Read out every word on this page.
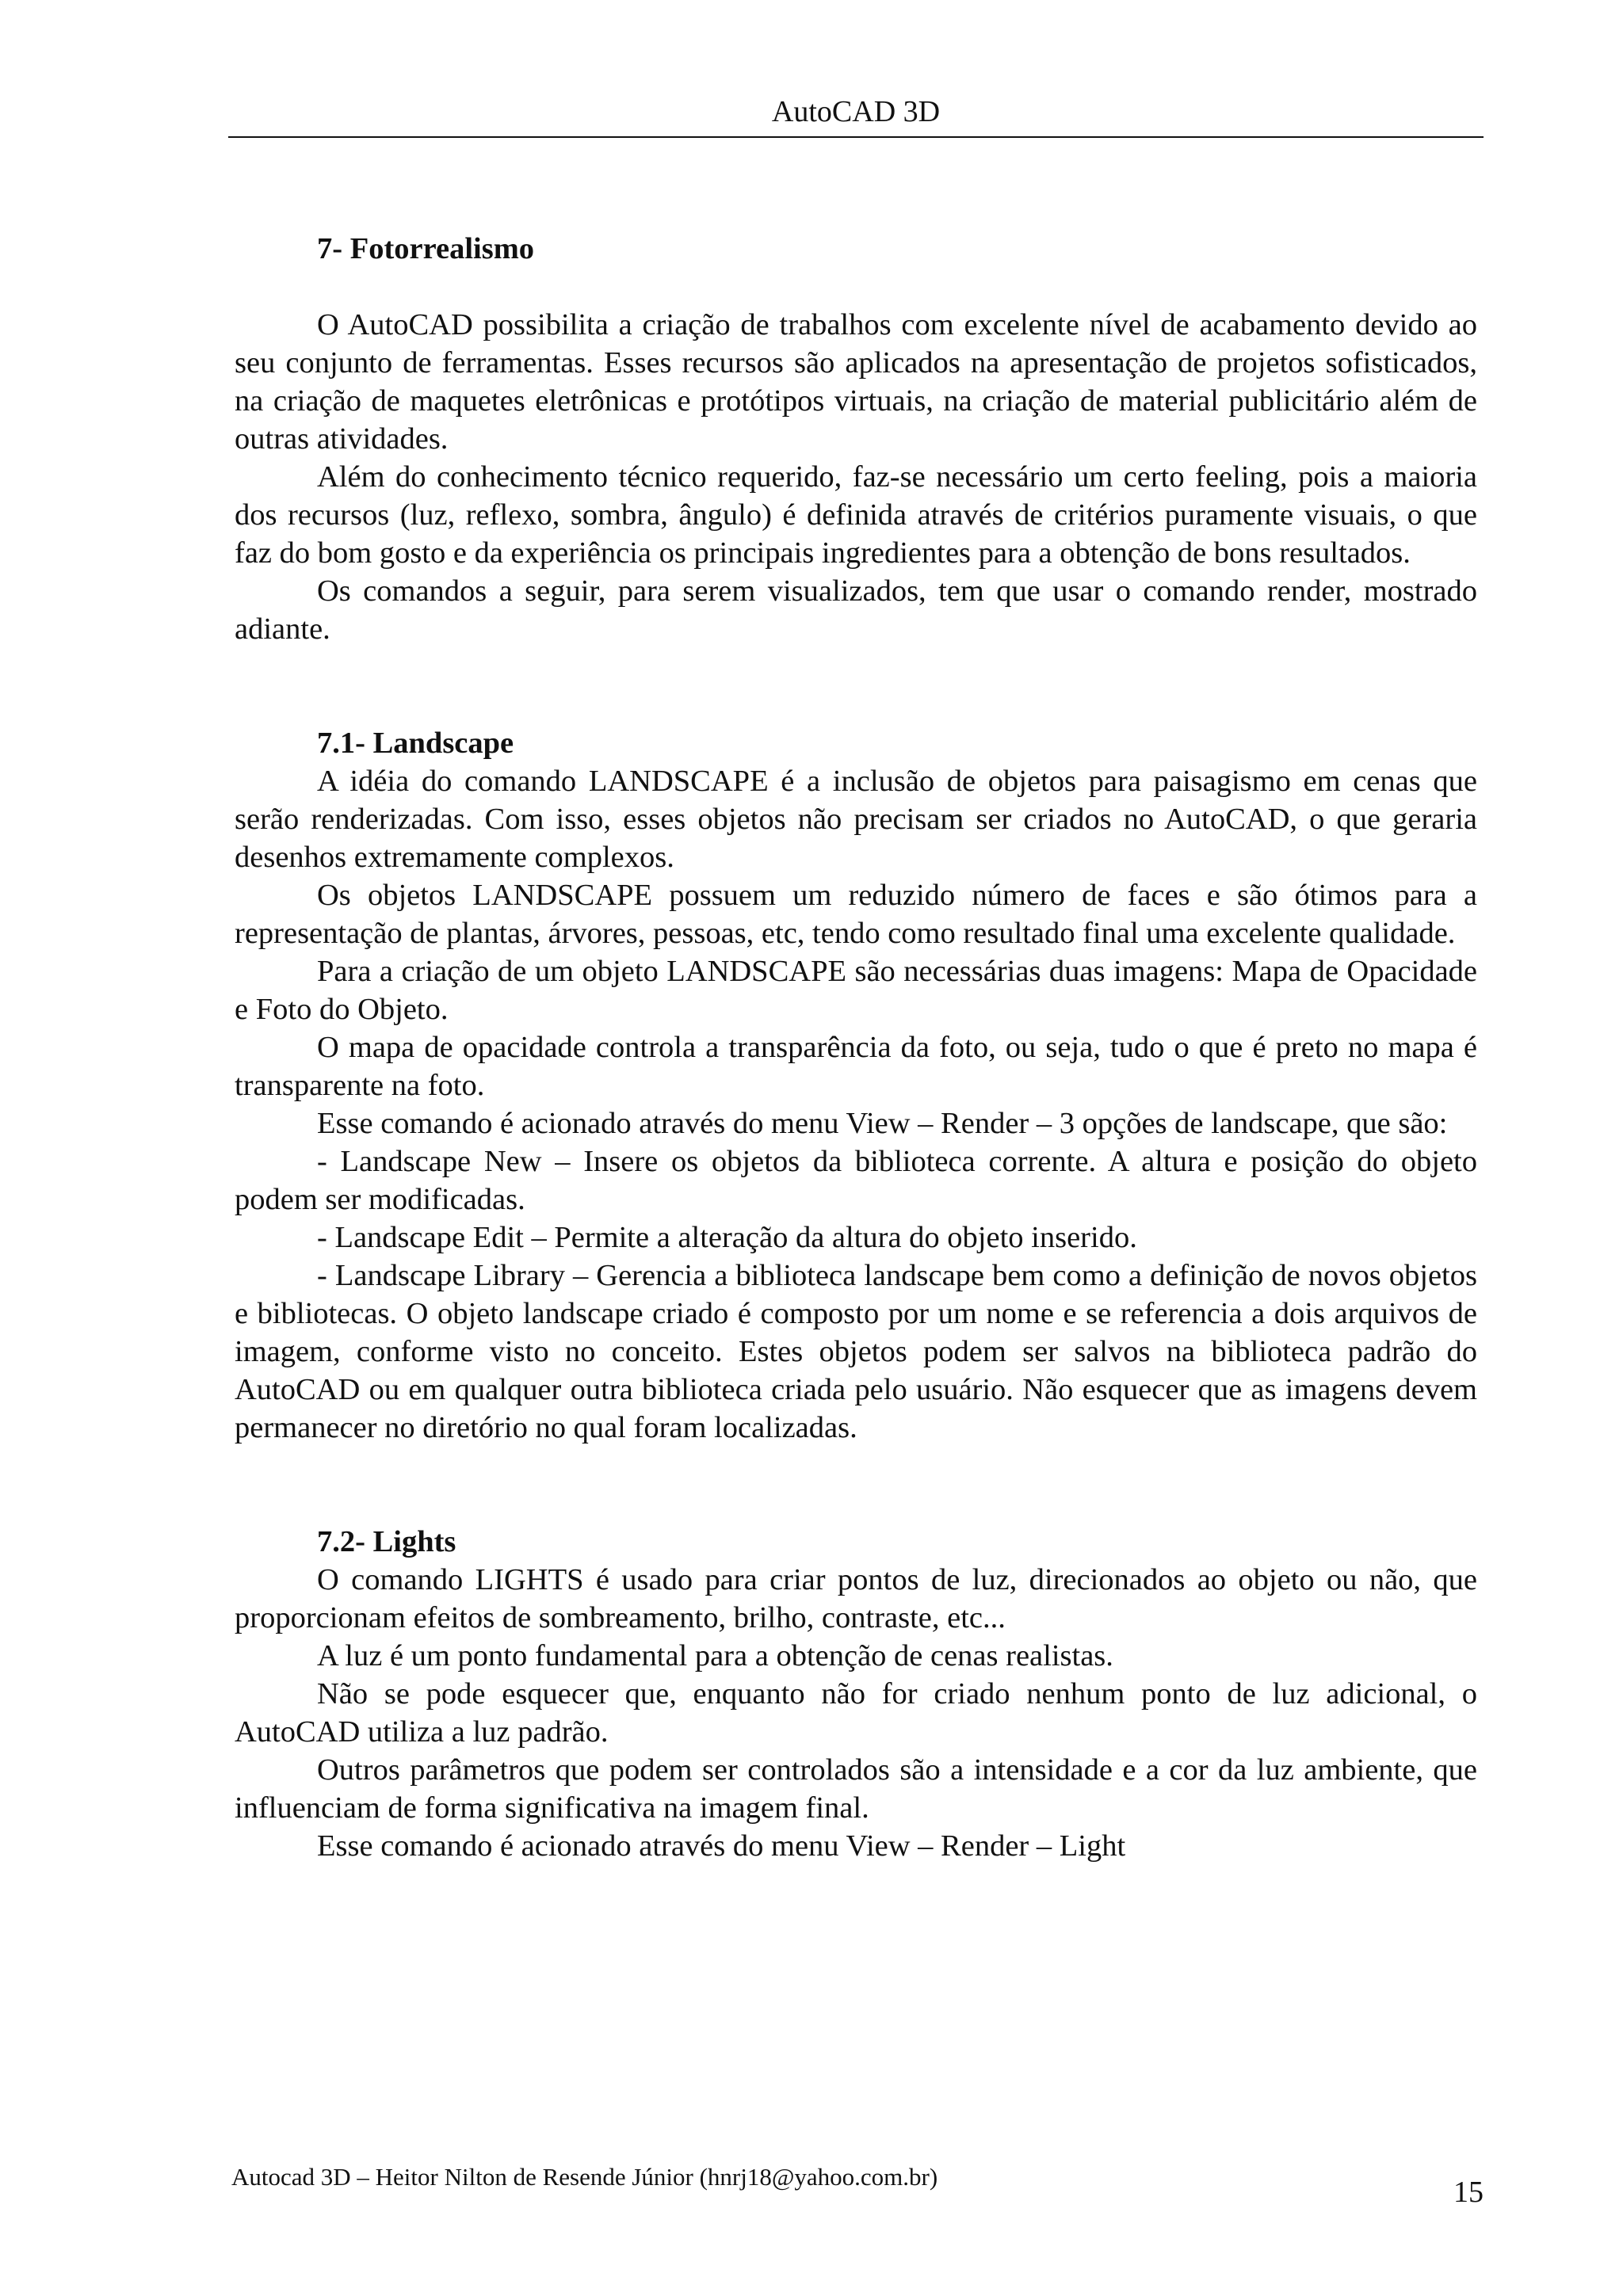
AutoCAD 3D
7- Fotorrealismo

O AutoCAD possibilita a criação de trabalhos com excelente nível de acabamento devido ao seu conjunto de ferramentas. Esses recursos são aplicados na apresentação de projetos sofisticados, na criação de maquetes eletrônicas e protótipos virtuais, na criação de material publicitário além de outras atividades.

Além do conhecimento técnico requerido, faz-se necessário um certo feeling, pois a maioria dos recursos (luz, reflexo, sombra, ângulo) é definida através de critérios puramente visuais, o que faz do bom gosto e da experiência os principais ingredientes para a obtenção de bons resultados.

Os comandos a seguir, para serem visualizados, tem que usar o comando render, mostrado adiante.

7.1- Landscape

A idéia do comando LANDSCAPE é a inclusão de objetos para paisagismo em cenas que serão renderizadas. Com isso, esses objetos não precisam ser criados no AutoCAD, o que geraria desenhos extremamente complexos.

Os objetos LANDSCAPE possuem um reduzido número de faces e são ótimos para a representação de plantas, árvores, pessoas, etc, tendo como resultado final uma excelente qualidade.

Para a criação de um objeto LANDSCAPE são necessárias duas imagens: Mapa de Opacidade e Foto do Objeto.

O mapa de opacidade controla a transparência da foto, ou seja, tudo o que é preto no mapa é transparente na foto.

Esse comando é acionado através do menu View – Render – 3 opções de landscape, que são:

- Landscape New – Insere os objetos da biblioteca corrente. A altura e posição do objeto podem ser modificadas.

- Landscape Edit – Permite a alteração da altura do objeto inserido.

- Landscape Library – Gerencia a biblioteca landscape bem como a definição de novos objetos e bibliotecas. O objeto landscape criado é composto por um nome e se referencia a dois arquivos de imagem, conforme visto no conceito. Estes objetos podem ser salvos na biblioteca padrão do AutoCAD ou em qualquer outra biblioteca criada pelo usuário. Não esquecer que as imagens devem permanecer no diretório no qual foram localizadas.

7.2- Lights

O comando LIGHTS é usado para criar pontos de luz, direcionados ao objeto ou não, que proporcionam efeitos de sombreamento, brilho, contraste, etc...

A luz é um ponto fundamental para a obtenção de cenas realistas.

Não se pode esquecer que, enquanto não for criado nenhum ponto de luz adicional, o AutoCAD utiliza a luz padrão.

Outros parâmetros que podem ser controlados são a intensidade e a cor da luz ambiente, que influenciam de forma significativa na imagem final.

Esse comando é acionado através do menu View – Render – Light

Autocad 3D – Heitor Nilton de Resende Júnior (hnrj18@yahoo.com.br)	15
